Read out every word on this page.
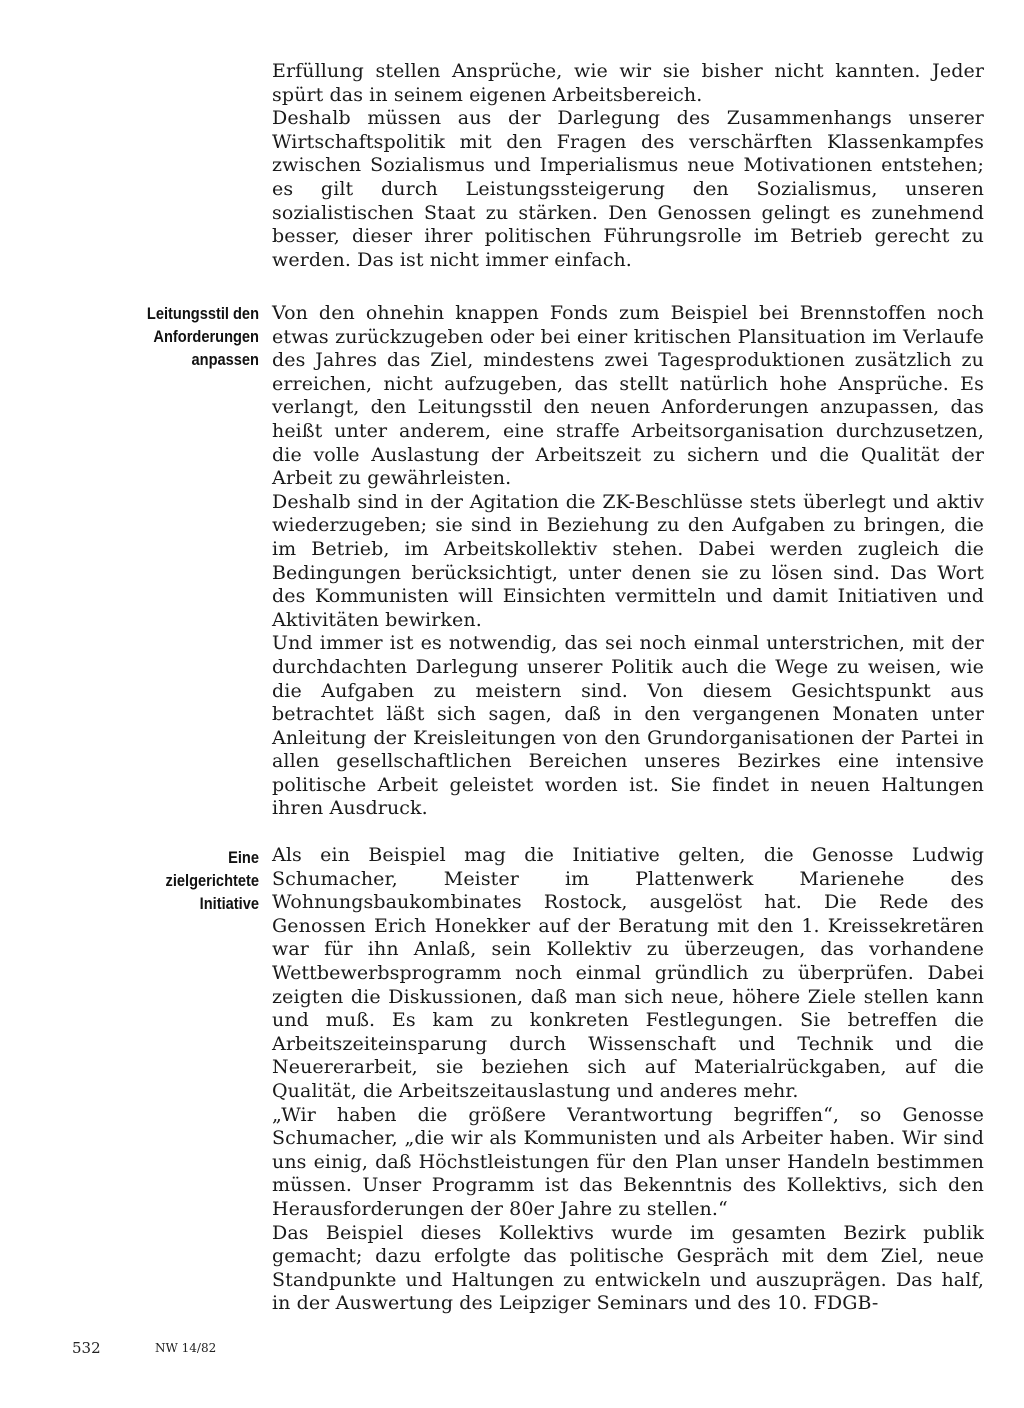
Erfüllung stellen Ansprüche, wie wir sie bisher nicht kannten. Jeder spürt das in seinem eigenen Arbeitsbereich.

Deshalb müssen aus der Darlegung des Zusammenhangs unserer Wirtschaftspolitik mit den Fragen des verschärften Klassenkampfes zwischen Sozialismus und Imperialismus neue Motivationen entstehen; es gilt durch Leistungssteigerung den Sozialismus, unseren sozialistischen Staat zu stärken. Den Genossen gelingt es zunehmend besser, dieser ihrer politischen Führungsrolle im Betrieb gerecht zu werden. Das ist nicht immer einfach.

Leitungsstil den
Anforderungen
anpassen

Von den ohnehin knappen Fonds zum Beispiel bei Brennstoffen noch etwas zurückzugeben oder bei einer kritischen Plansituation im Verlaufe des Jahres das Ziel, mindestens zwei Tagesproduktionen zusätzlich zu erreichen, nicht aufzugeben, das stellt natürlich hohe Ansprüche. Es verlangt, den Leitungsstil den neuen Anforderungen anzupassen, das heißt unter anderem, eine straffe Arbeitsorganisation durchzusetzen, die volle Auslastung der Arbeitszeit zu sichern und die Qualität der Arbeit zu gewährleisten.

Deshalb sind in der Agitation die ZK-Beschlüsse stets überlegt und aktiv wiederzugeben; sie sind in Beziehung zu den Aufgaben zu bringen, die im Betrieb, im Arbeitskollektiv stehen. Dabei werden zugleich die Bedingungen berücksichtigt, unter denen sie zu lösen sind. Das Wort des Kommunisten will Einsichten vermitteln und damit Initiativen und Aktivitäten bewirken.

Und immer ist es notwendig, das sei noch einmal unterstrichen, mit der durchdachten Darlegung unserer Politik auch die Wege zu weisen, wie die Aufgaben zu meistern sind. Von diesem Gesichtspunkt aus betrachtet läßt sich sagen, daß in den vergangenen Monaten unter Anleitung der Kreisleitungen von den Grundorganisationen der Partei in allen gesellschaftlichen Bereichen unseres Bezirkes eine intensive politische Arbeit geleistet worden ist. Sie findet in neuen Haltungen ihren Ausdruck.

Eine
zielgerichtete
Initiative

Als ein Beispiel mag die Initiative gelten, die Genosse Ludwig Schumacher, Meister im Plattenwerk Marienehe des Wohnungsbaukombinates Rostock, ausgelöst hat. Die Rede des Genossen Erich Honekker auf der Beratung mit den 1. Kreissekretären war für ihn Anlaß, sein Kollektiv zu überzeugen, das vorhandene Wettbewerbsprogramm noch einmal gründlich zu überprüfen. Dabei zeigten die Diskussionen, daß man sich neue, höhere Ziele stellen kann und muß. Es kam zu konkreten Festlegungen. Sie betreffen die Arbeitszeiteinsparung durch Wissenschaft und Technik und die Neuererarbeit, sie beziehen sich auf Materialrückgaben, auf die Qualität, die Arbeitszeitauslastung und anderes mehr.

„Wir haben die größere Verantwortung begriffen“, so Genosse Schumacher, „die wir als Kommunisten und als Arbeiter haben. Wir sind uns einig, daß Höchstleistungen für den Plan unser Handeln bestimmen müssen. Unser Programm ist das Bekenntnis des Kollektivs, sich den Herausforderungen der 80er Jahre zu stellen.“

Das Beispiel dieses Kollektivs wurde im gesamten Bezirk publik gemacht; dazu erfolgte das politische Gespräch mit dem Ziel, neue Standpunkte und Haltungen zu entwickeln und auszuprägen. Das half, in der Auswertung des Leipziger Seminars und des 10. FDGB-

532	NW 14/82
